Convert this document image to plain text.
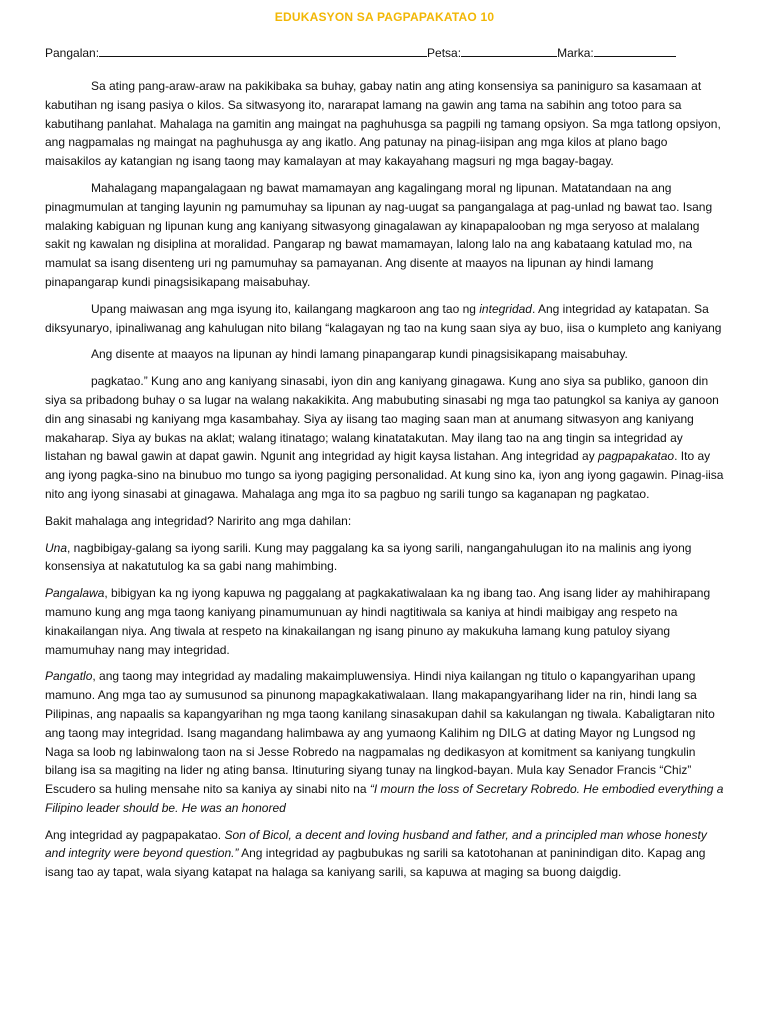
EDUKASYON SA PAGPAPAKATAO 10
Pangalan:	Petsa:	Marka:

Sa ating pang-araw-araw na pakikibaka sa buhay, gabay natin ang ating konsensiya sa paniniguro sa kasamaan at kabutihan ng isang pasiya o kilos. Sa sitwasyong ito, nararapat lamang na gawin ang tama na sabihin ang totoo para sa kabutihang panlahat. Mahalaga na gamitin ang maingat na paghuhusga sa pagpili ng tamang opsiyon. Sa mga tatlong opsiyon, ang nagpamalas ng maingat na paghuhusga ay ang ikatlo. Ang patunay na pinag-iisipan ang mga kilos at plano bago maisakilos ay katangian ng isang taong may kamalayan at may kakayahang magsuri ng mga bagay-bagay.

Mahalagang mapangalagaan ng bawat mamamayan ang kagalingang moral ng lipunan. Matatandaan na ang pinagmumulan at tanging layunin ng pamumuhay sa lipunan ay nag-uugat sa pangangalaga at pag-unlad ng bawat tao. Isang malaking kabiguan ng lipunan kung ang kaniyang sitwasyong ginagalawan ay kinapapalooban ng mga seryoso at malalang sakit ng kawalan ng disiplina at moralidad. Pangarap ng bawat mamamayan, lalong lalo na ang kabataang katulad mo, na mamulat sa isang disenteng uri ng pamumuhay sa pamayanan. Ang disente at maayos na lipunan ay hindi lamang pinapangarap kundi pinagsisikapang maisabuhay.

Upang maiwasan ang mga isyung ito, kailangang magkaroon ang tao ng integridad. Ang integridad ay katapatan. Sa diksyunaryo, ipinaliwanag ang kahulugan nito bilang “kalagayan ng tao na kung saan siya ay buo, iisa o kumpleto ang kaniyang

Ang disente at maayos na lipunan ay hindi lamang pinapangarap kundi pinagsisikapang maisabuhay.

pagkatao.” Kung ano ang kaniyang sinasabi, iyon din ang kaniyang ginagawa. Kung ano siya sa publiko, ganoon din siya sa pribadong buhay o sa lugar na walang nakakikita. Ang mabubuting sinasabi ng mga tao patungkol sa kaniya ay ganoon din ang sinasabi ng kaniyang mga kasambahay. Siya ay iisang tao maging saan man at anumang sitwasyon ang kaniyang makaharap. Siya ay bukas na aklat; walang itinatago; walang kinatatakutan. May ilang tao na ang tingin sa integridad ay listahan ng bawal gawin at dapat gawin. Ngunit ang integridad ay higit kaysa listahan. Ang integridad ay pagpapakatao. Ito ay ang iyong pagka-sino na binubuo mo tungo sa iyong pagiging personalidad. At kung sino ka, iyon ang iyong gagawin. Pinag-iisa nito ang iyong sinasabi at ginagawa. Mahalaga ang mga ito sa pagbuo ng sarili tungo sa kaganapan ng pagkatao.

Bakit mahalaga ang integridad? Naririto ang mga dahilan:

Una, nagbibigay-galang sa iyong sarili. Kung may paggalang ka sa iyong sarili, nangangahulugan ito na malinis ang iyong konsensiya at nakatutulog ka sa gabi nang mahimbing.

Pangalawa, bibigyan ka ng iyong kapuwa ng paggalang at pagkakatiwalaan ka ng ibang tao. Ang isang lider ay mahihirapang mamuno kung ang mga taong kaniyang pinamumunuan ay hindi nagtitiwala sa kaniya at hindi maibigay ang respeto na kinakailangan niya. Ang tiwala at respeto na kinakailangan ng isang pinuno ay makukuha lamang kung patuloy siyang mamumuhay nang may integridad.

Pangatlo, ang taong may integridad ay madaling makaimpluwensiya. Hindi niya kailangan ng titulo o kapangyarihan upang mamuno. Ang mga tao ay sumusunod sa pinunong mapagkakatiwalaan. Ilang makapangyarihang lider na rin, hindi lang sa Pilipinas, ang napaalis sa kapangyarihan ng mga taong kanilang sinasakupan dahil sa kakulangan ng tiwala. Kabaligtaran nito ang taong may integridad. Isang magandang halimbawa ay ang yumaong Kalihim ng DILG at dating Mayor ng Lungsod ng Naga sa loob ng labinwalong taon na si Jesse Robredo na nagpamalas ng dedikasyon at komitment sa kaniyang tungkulin bilang isa sa magiting na lider ng ating bansa. Itinuturing siyang tunay na lingkod-bayan. Mula kay Senador Francis “Chiz” Escudero sa huling mensahe nito sa kaniya ay sinabi nito na “I mourn the loss of Secretary Robredo. He embodied everything a Filipino leader should be. He was an honored

Ang integridad ay pagpapakatao. Son of Bicol, a decent and loving husband and father, and a principled man whose honesty and integrity were beyond question.” Ang integridad ay pagbubukas ng sarili sa katotohanan at paninindigan dito. Kapag ang isang tao ay tapat, wala siyang katapat na halaga sa kaniyang sarili, sa kapuwa at maging sa buong daigdig.
